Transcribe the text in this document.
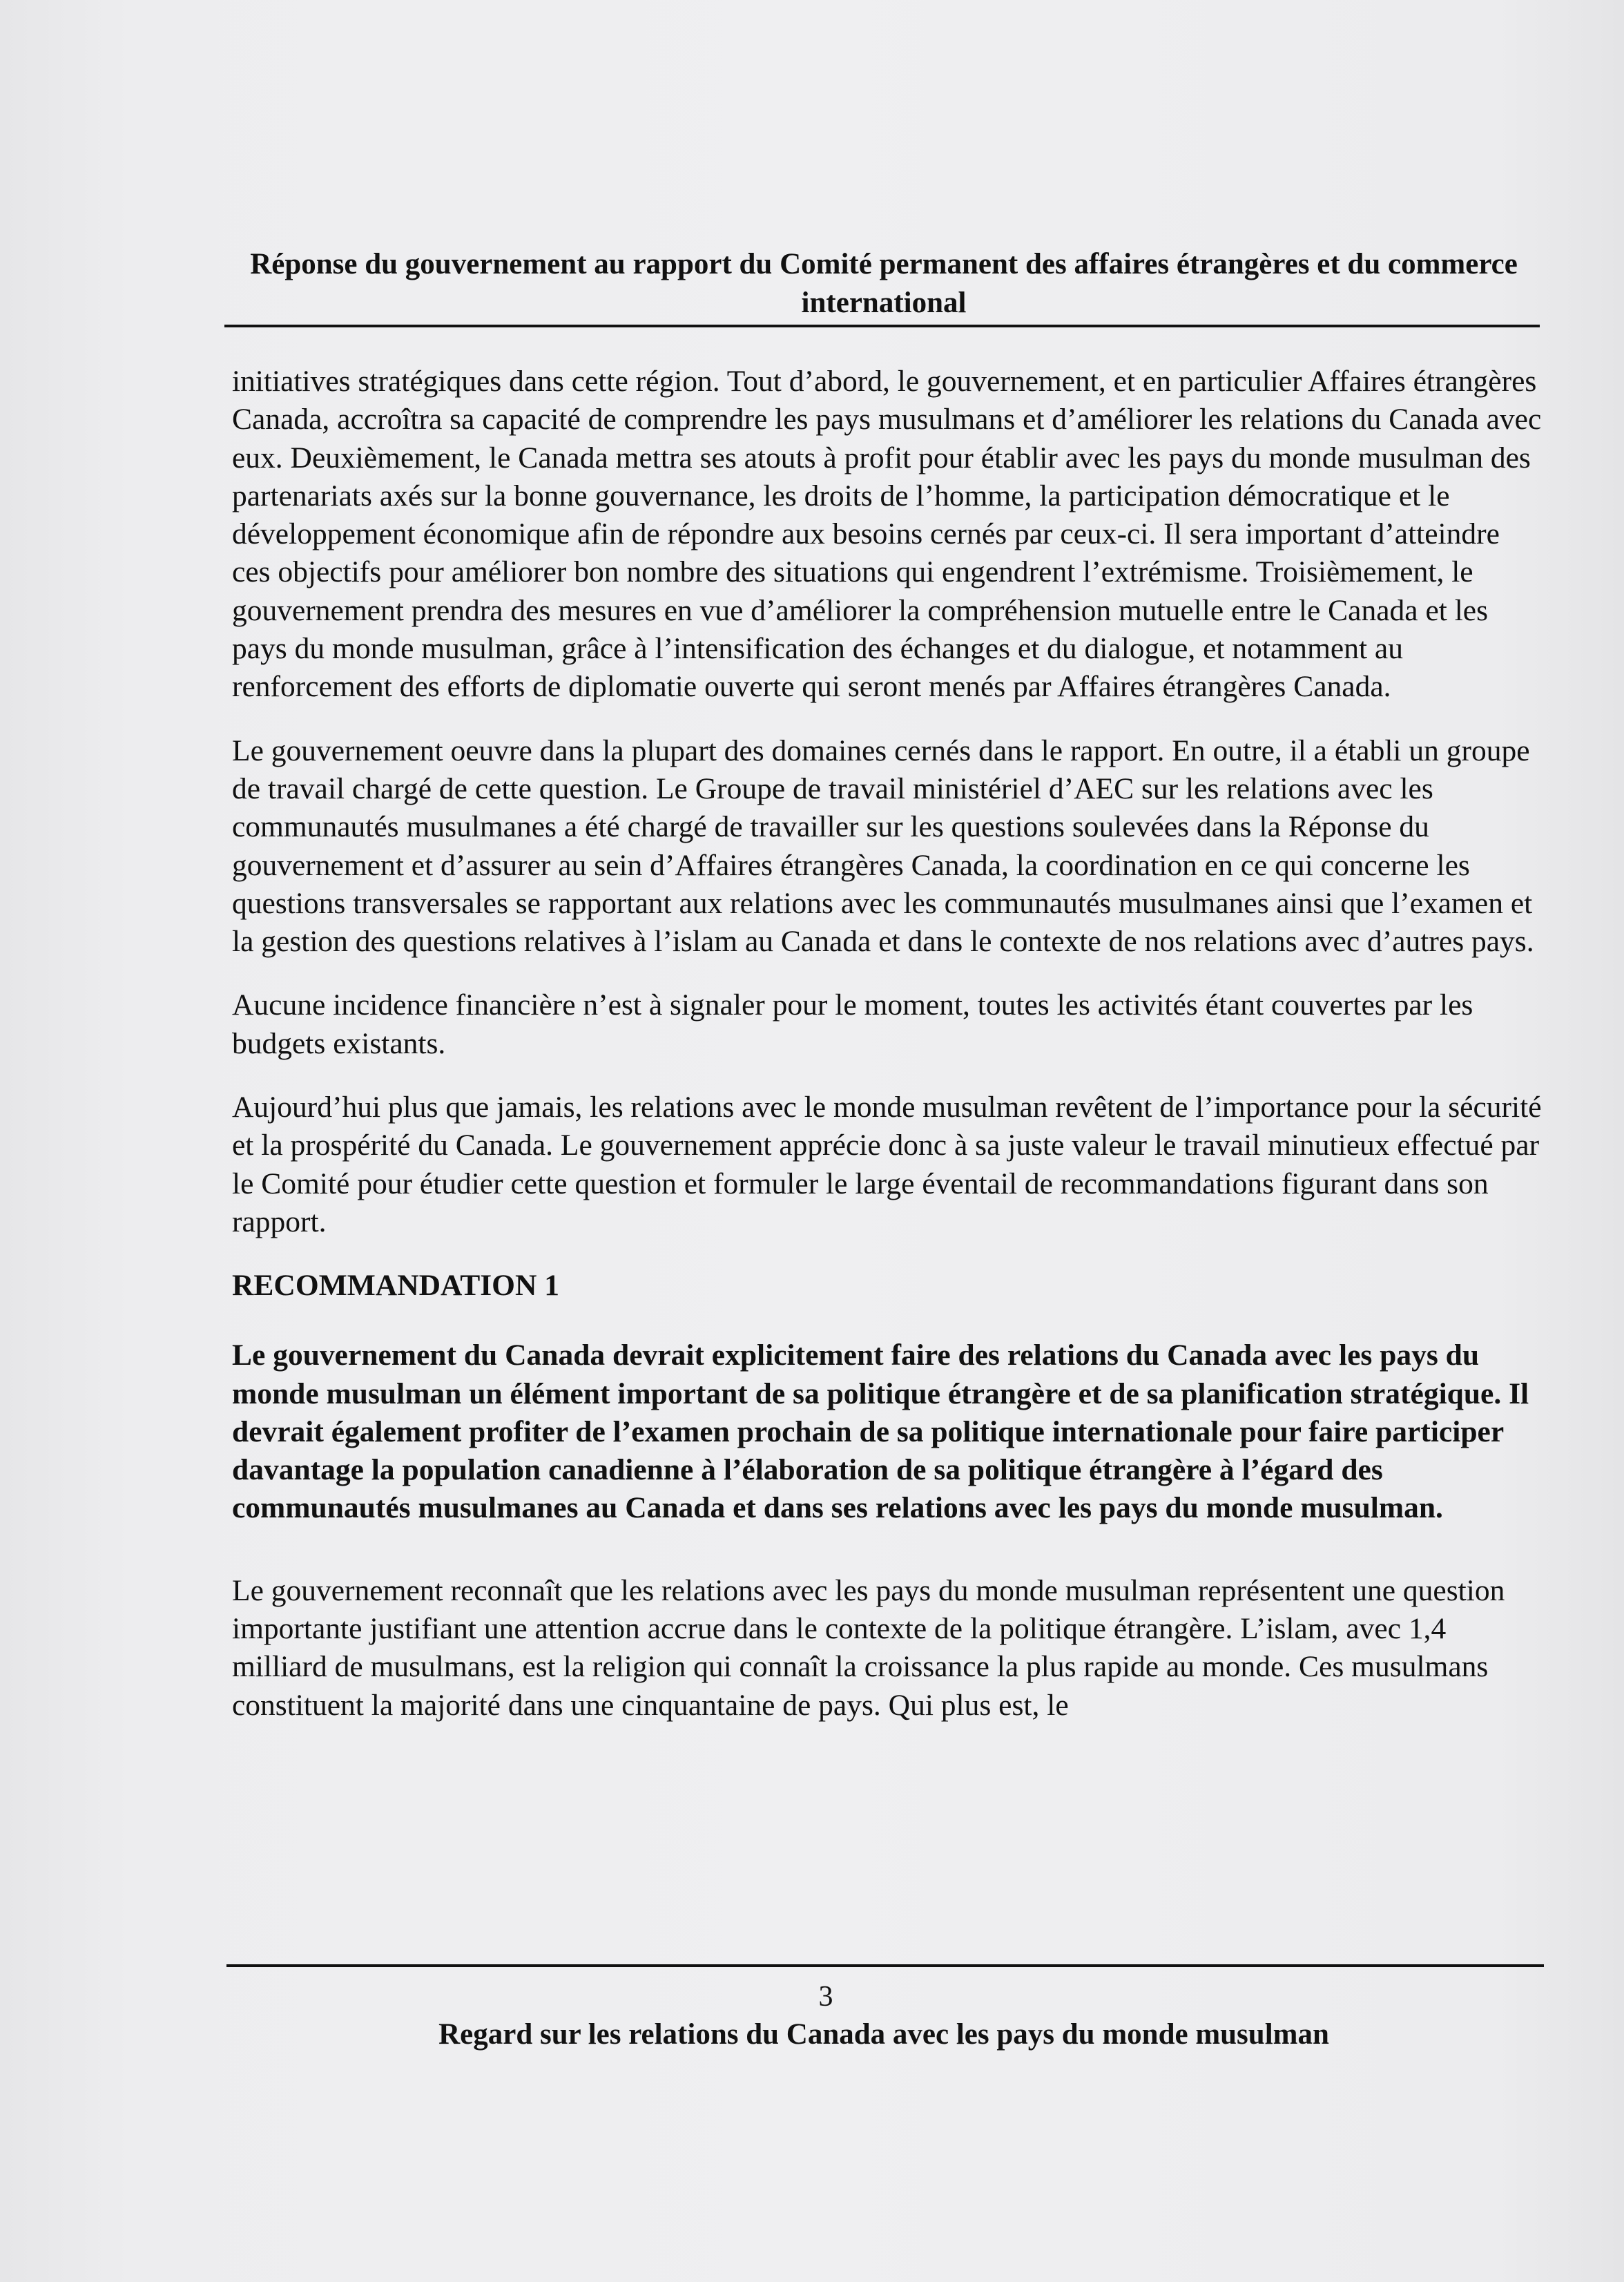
Réponse du gouvernement au rapport du Comité permanent des affaires étrangères et du commerce international

initiatives stratégiques dans cette région. Tout d’abord, le gouvernement, et en particulier Affaires étrangères Canada, accroîtra sa capacité de comprendre les pays musulmans et d’améliorer les relations du Canada avec eux. Deuxièmement, le Canada mettra ses atouts à profit pour établir avec les pays du monde musulman des partenariats axés sur la bonne gouvernance, les droits de l’homme, la participation démocratique et le développement économique afin de répondre aux besoins cernés par ceux-ci. Il sera important d’atteindre ces objectifs pour améliorer bon nombre des situations qui engendrent l’extrémisme. Troisièmement, le gouvernement prendra des mesures en vue d’améliorer la compréhension mutuelle entre le Canada et les pays du monde musulman, grâce à l’intensification des échanges et du dialogue, et notamment au renforcement des efforts de diplomatie ouverte qui seront menés par Affaires étrangères Canada.

Le gouvernement oeuvre dans la plupart des domaines cernés dans le rapport. En outre, il a établi un groupe de travail chargé de cette question. Le Groupe de travail ministériel d’AEC sur les relations avec les communautés musulmanes a été chargé de travailler sur les questions soulevées dans la Réponse du gouvernement et d’assurer au sein d’Affaires étrangères Canada, la coordination en ce qui concerne les questions transversales se rapportant aux relations avec les communautés musulmanes ainsi que l’examen et la gestion des questions relatives à l’islam au Canada et dans le contexte de nos relations avec d’autres pays.

Aucune incidence financière n’est à signaler pour le moment, toutes les activités étant couvertes par les budgets existants.

Aujourd’hui plus que jamais, les relations avec le monde musulman revêtent de l’importance pour la sécurité et la prospérité du Canada. Le gouvernement apprécie donc à sa juste valeur le travail minutieux effectué par le Comité pour étudier cette question et formuler le large éventail de recommandations figurant dans son rapport.

RECOMMANDATION 1

Le gouvernement du Canada devrait explicitement faire des relations du Canada avec les pays du monde musulman un élément important de sa politique étrangère et de sa planification stratégique. Il devrait également profiter de l’examen prochain de sa politique internationale pour faire participer davantage la population canadienne à l’élaboration de sa politique étrangère à l’égard des communautés musulmanes au Canada et dans ses relations avec les pays du monde musulman.

Le gouvernement reconnaît que les relations avec les pays du monde musulman représentent une question importante justifiant une attention accrue dans le contexte de la politique étrangère. L’islam, avec 1,4 milliard de musulmans, est la religion qui connaît la croissance la plus rapide au monde. Ces musulmans constituent la majorité dans une cinquantaine de pays. Qui plus est, le

3
Regard sur les relations du Canada avec les pays du monde musulman
